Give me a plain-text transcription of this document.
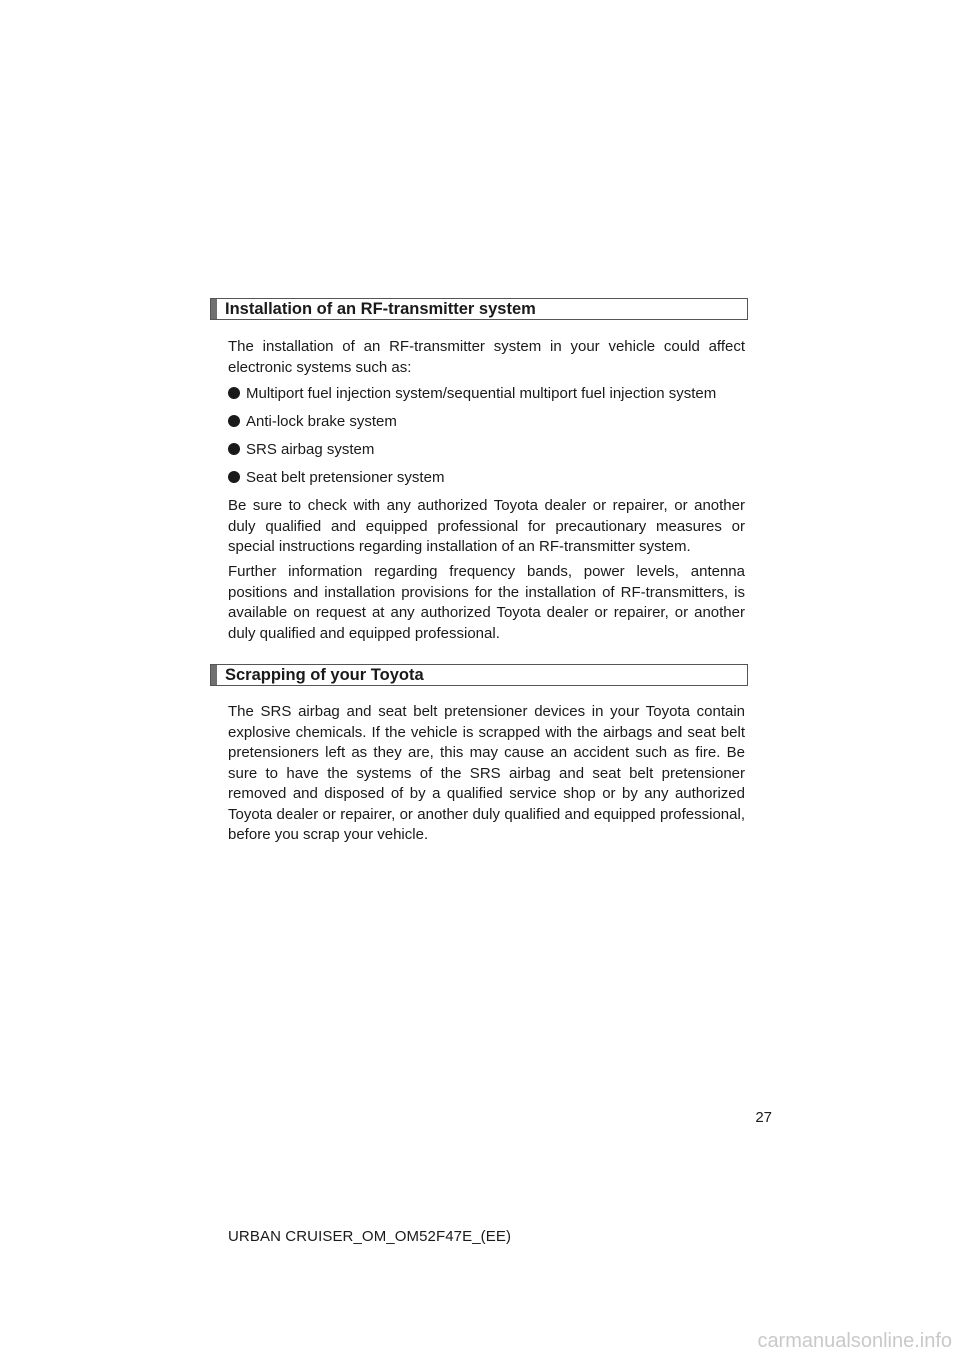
Installation of an RF-transmitter system

The installation of an RF-transmitter system in your vehicle could affect electronic systems such as:

Multiport fuel injection system/sequential multiport fuel injection system
Anti-lock brake system
SRS airbag system
Seat belt pretensioner system

Be sure to check with any authorized Toyota dealer or repairer, or another duly qualified and equipped professional for precautionary measures or special instructions regarding installation of an RF-transmitter system.

Further information regarding frequency bands, power levels, antenna positions and installation provisions for the installation of RF-transmitters, is available on request at any authorized Toyota dealer or repairer, or another duly qualified and equipped professional.

Scrapping of your Toyota

The SRS airbag and seat belt pretensioner devices in your Toyota contain explosive chemicals. If the vehicle is scrapped with the airbags and seat belt pretensioners left as they are, this may cause an accident such as fire. Be sure to have the systems of the SRS airbag and seat belt pretensioner removed and disposed of by a qualified service shop or by any authorized Toyota dealer or repairer, or another duly qualified and equipped professional, before you scrap your vehicle.

27
URBAN CRUISER_OM_OM52F47E_(EE)
carmanualsonline.info
